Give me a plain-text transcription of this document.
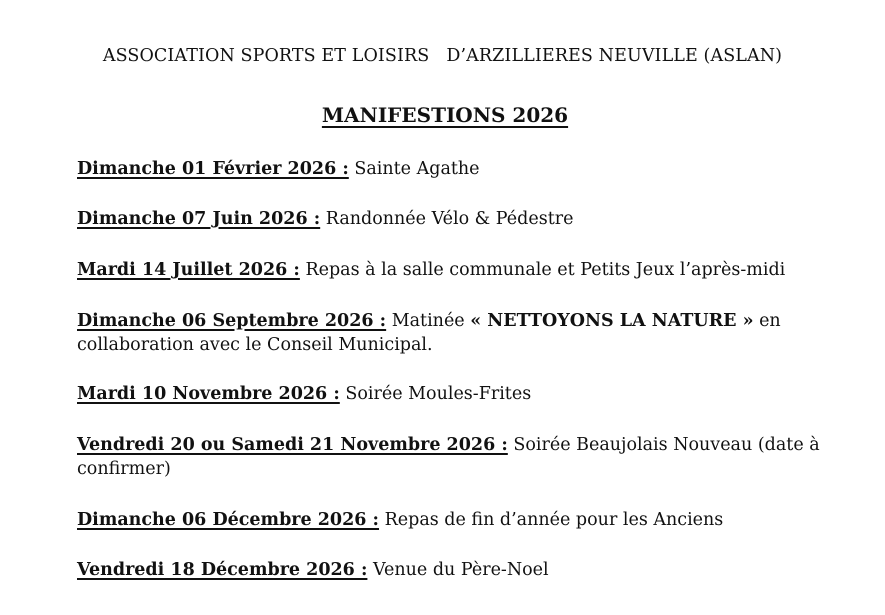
ASSOCIATION SPORTS ET LOISIRS   D’ARZILLIERES NEUVILLE (ASLAN)
MANIFESTIONS 2026
Dimanche 01 Février 2026 : Sainte Agathe
Dimanche 07 Juin 2026 : Randonnée Vélo & Pédestre
Mardi 14 Juillet 2026 : Repas à la salle communale et Petits Jeux l’après-midi
Dimanche 06 Septembre 2026 : Matinée « NETTOYONS LA NATURE » en collaboration avec le Conseil Municipal.
Mardi 10 Novembre 2026 : Soirée Moules-Frites
Vendredi 20 ou Samedi 21 Novembre 2026 : Soirée Beaujolais Nouveau (date à confirmer)
Dimanche 06 Décembre 2026 : Repas de fin d’année pour les Anciens
Vendredi 18 Décembre 2026 : Venue du Père-Noel
